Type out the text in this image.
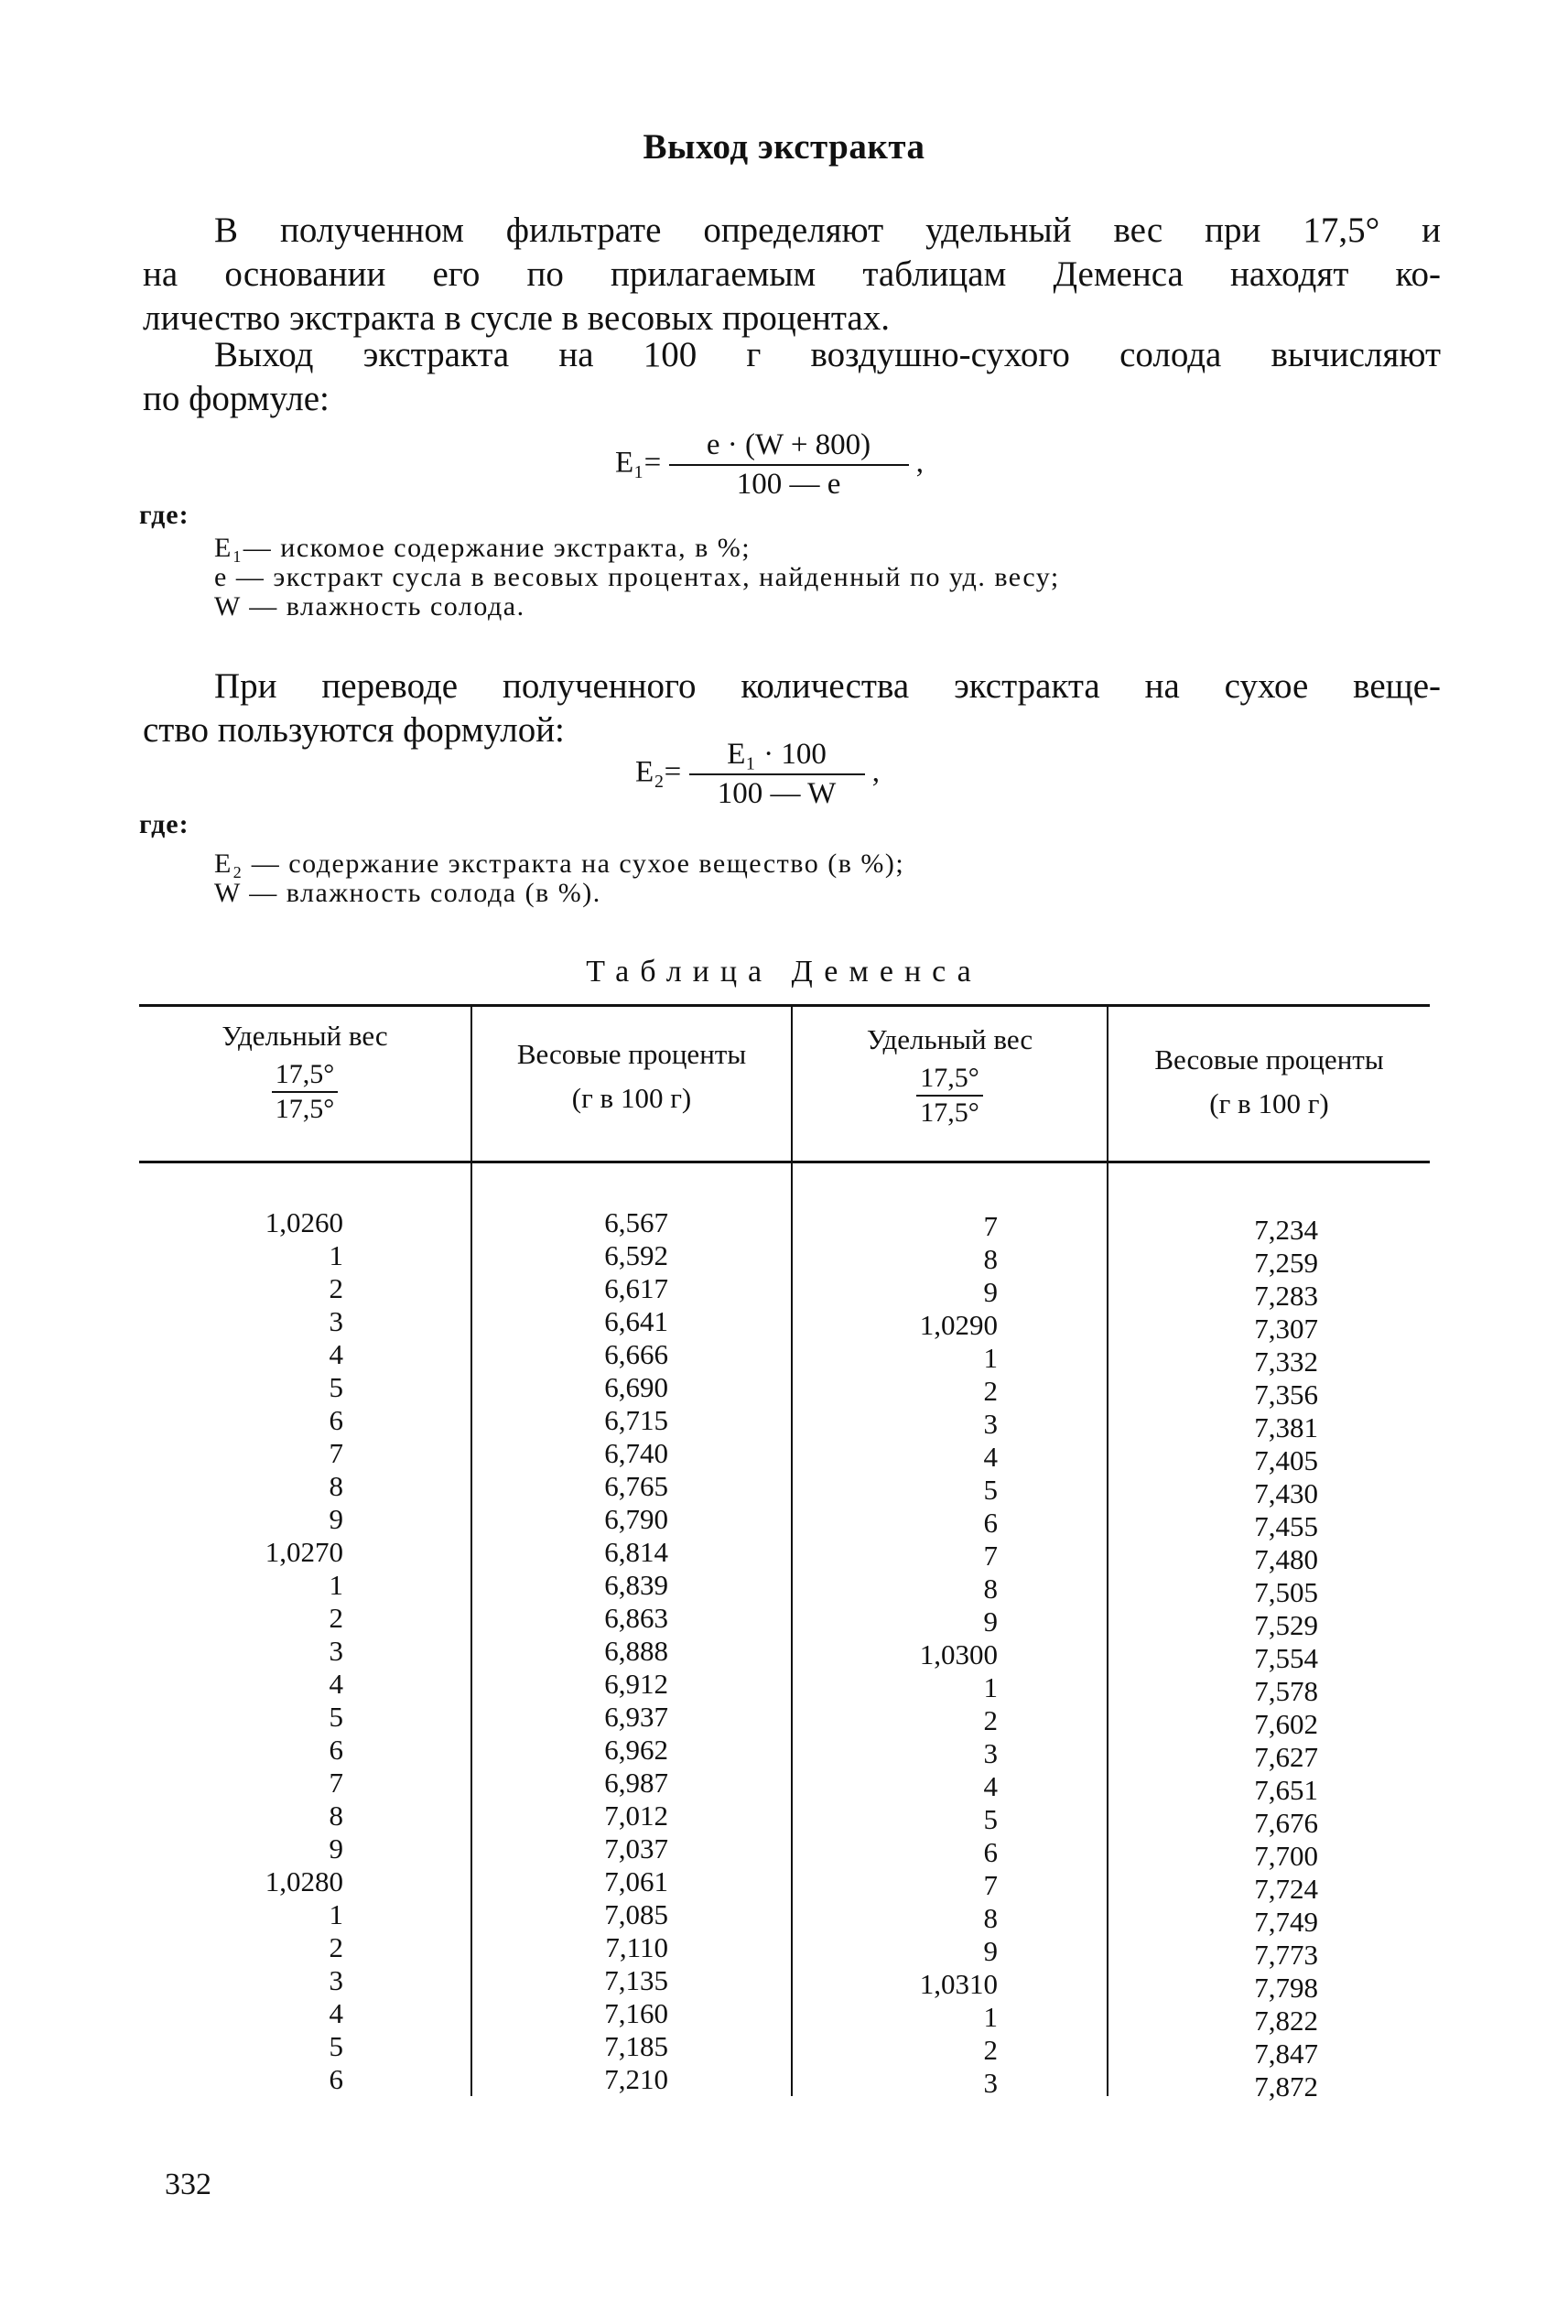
Выход экстракта
В полученном фильтрате определяют удельный вес при 17,5° и
на основании его по прилагаемым таблицам Деменса находят ко-
личество экстракта в сусле в весовых процентах.
Выход экстракта на 100 г воздушно-сухого солода вычисляют
по формуле:
$E_1= \frac{e \cdot (W + 800)}{100 — e}$ ,
где:
E₁— искомое содержание экстракта, в %;
e — экстракт сусла в весовых процентах, найденный по уд. весу;
W — влажность солода.
При переводе полученного количества экстракта на сухое веще-
ство пользуются формулой:
$E_2= \frac{\text{E₁ · 100}}{100 — W}$ ,
где:
E₂ — содержание экстракта на сухое вещество (в %);
W — влажность солода (в %).
Таблица Деменса
Удельный вес
$\frac{17,5^\circ}{17,5^\circ}$
Весовые проценты
(г в 100 г)
Удельный вес
$\frac{17,5^\circ}{17,5^\circ}$
Весовые проценты
(г в 100 г)
1,0260
1
2
3
4
5
6
7
8
9
1,0270
1
2
3
4
5
6
7
8
9
1,0280
1
2
3
4
5
6
6,567
6,592
6,617
6,641
6,666
6,690
6,715
6,740
6,765
6,790
6,814
6,839
6,863
6,888
6,912
6,937
6,962
6,987
7,012
7,037
7,061
7,085
7,110
7,135
7,160
7,185
7,210
7
8
9
1,0290
1
2
3
4
5
6
7
8
9
1,0300
1
2
3
4
5
6
7
8
9
1,0310
1
2
3
7,234
7,259
7,283
7,307
7,332
7,356
7,381
7,405
7,430
7,455
7,480
7,505
7,529
7,554
7,578
7,602
7,627
7,651
7,676
7,700
7,724
7,749
7,773
7,798
7,822
7,847
7,872
332
